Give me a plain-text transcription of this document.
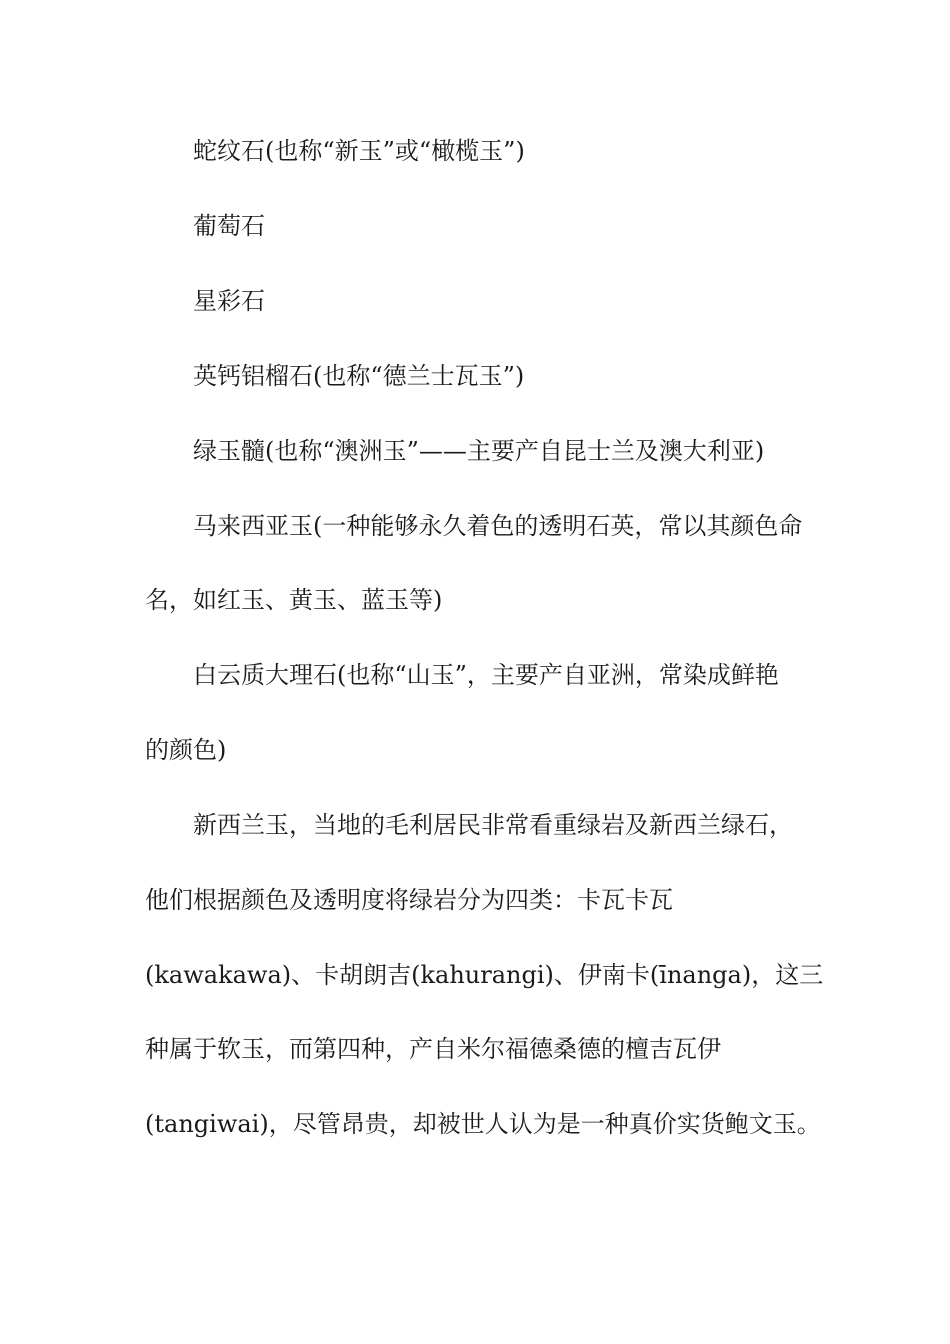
蛇纹石(也称“新玉”或“橄榄玉”)
葡萄石
星彩石
英钙铝榴石(也称“德兰士瓦玉”)
绿玉髓(也称“澳洲玉”——主要产自昆士兰及澳大利亚)
马来西亚玉(一种能够永久着色的透明石英，常以其颜色命
名，如红玉、黄玉、蓝玉等)
白云质大理石(也称“山玉”，主要产自亚洲，常染成鲜艳
的颜色)
新西兰玉，当地的毛利居民非常看重绿岩及新西兰绿石，
他们根据颜色及透明度将绿岩分为四类：卡瓦卡瓦
(kawakawa)、卡胡朗吉(kahurangi)、伊南卡(īnanga)，这三
种属于软玉，而第四种，产自米尔福德桑德的檀吉瓦伊
(tangiwai)，尽管昂贵，却被世人认为是一种真价实货鲍文玉。
